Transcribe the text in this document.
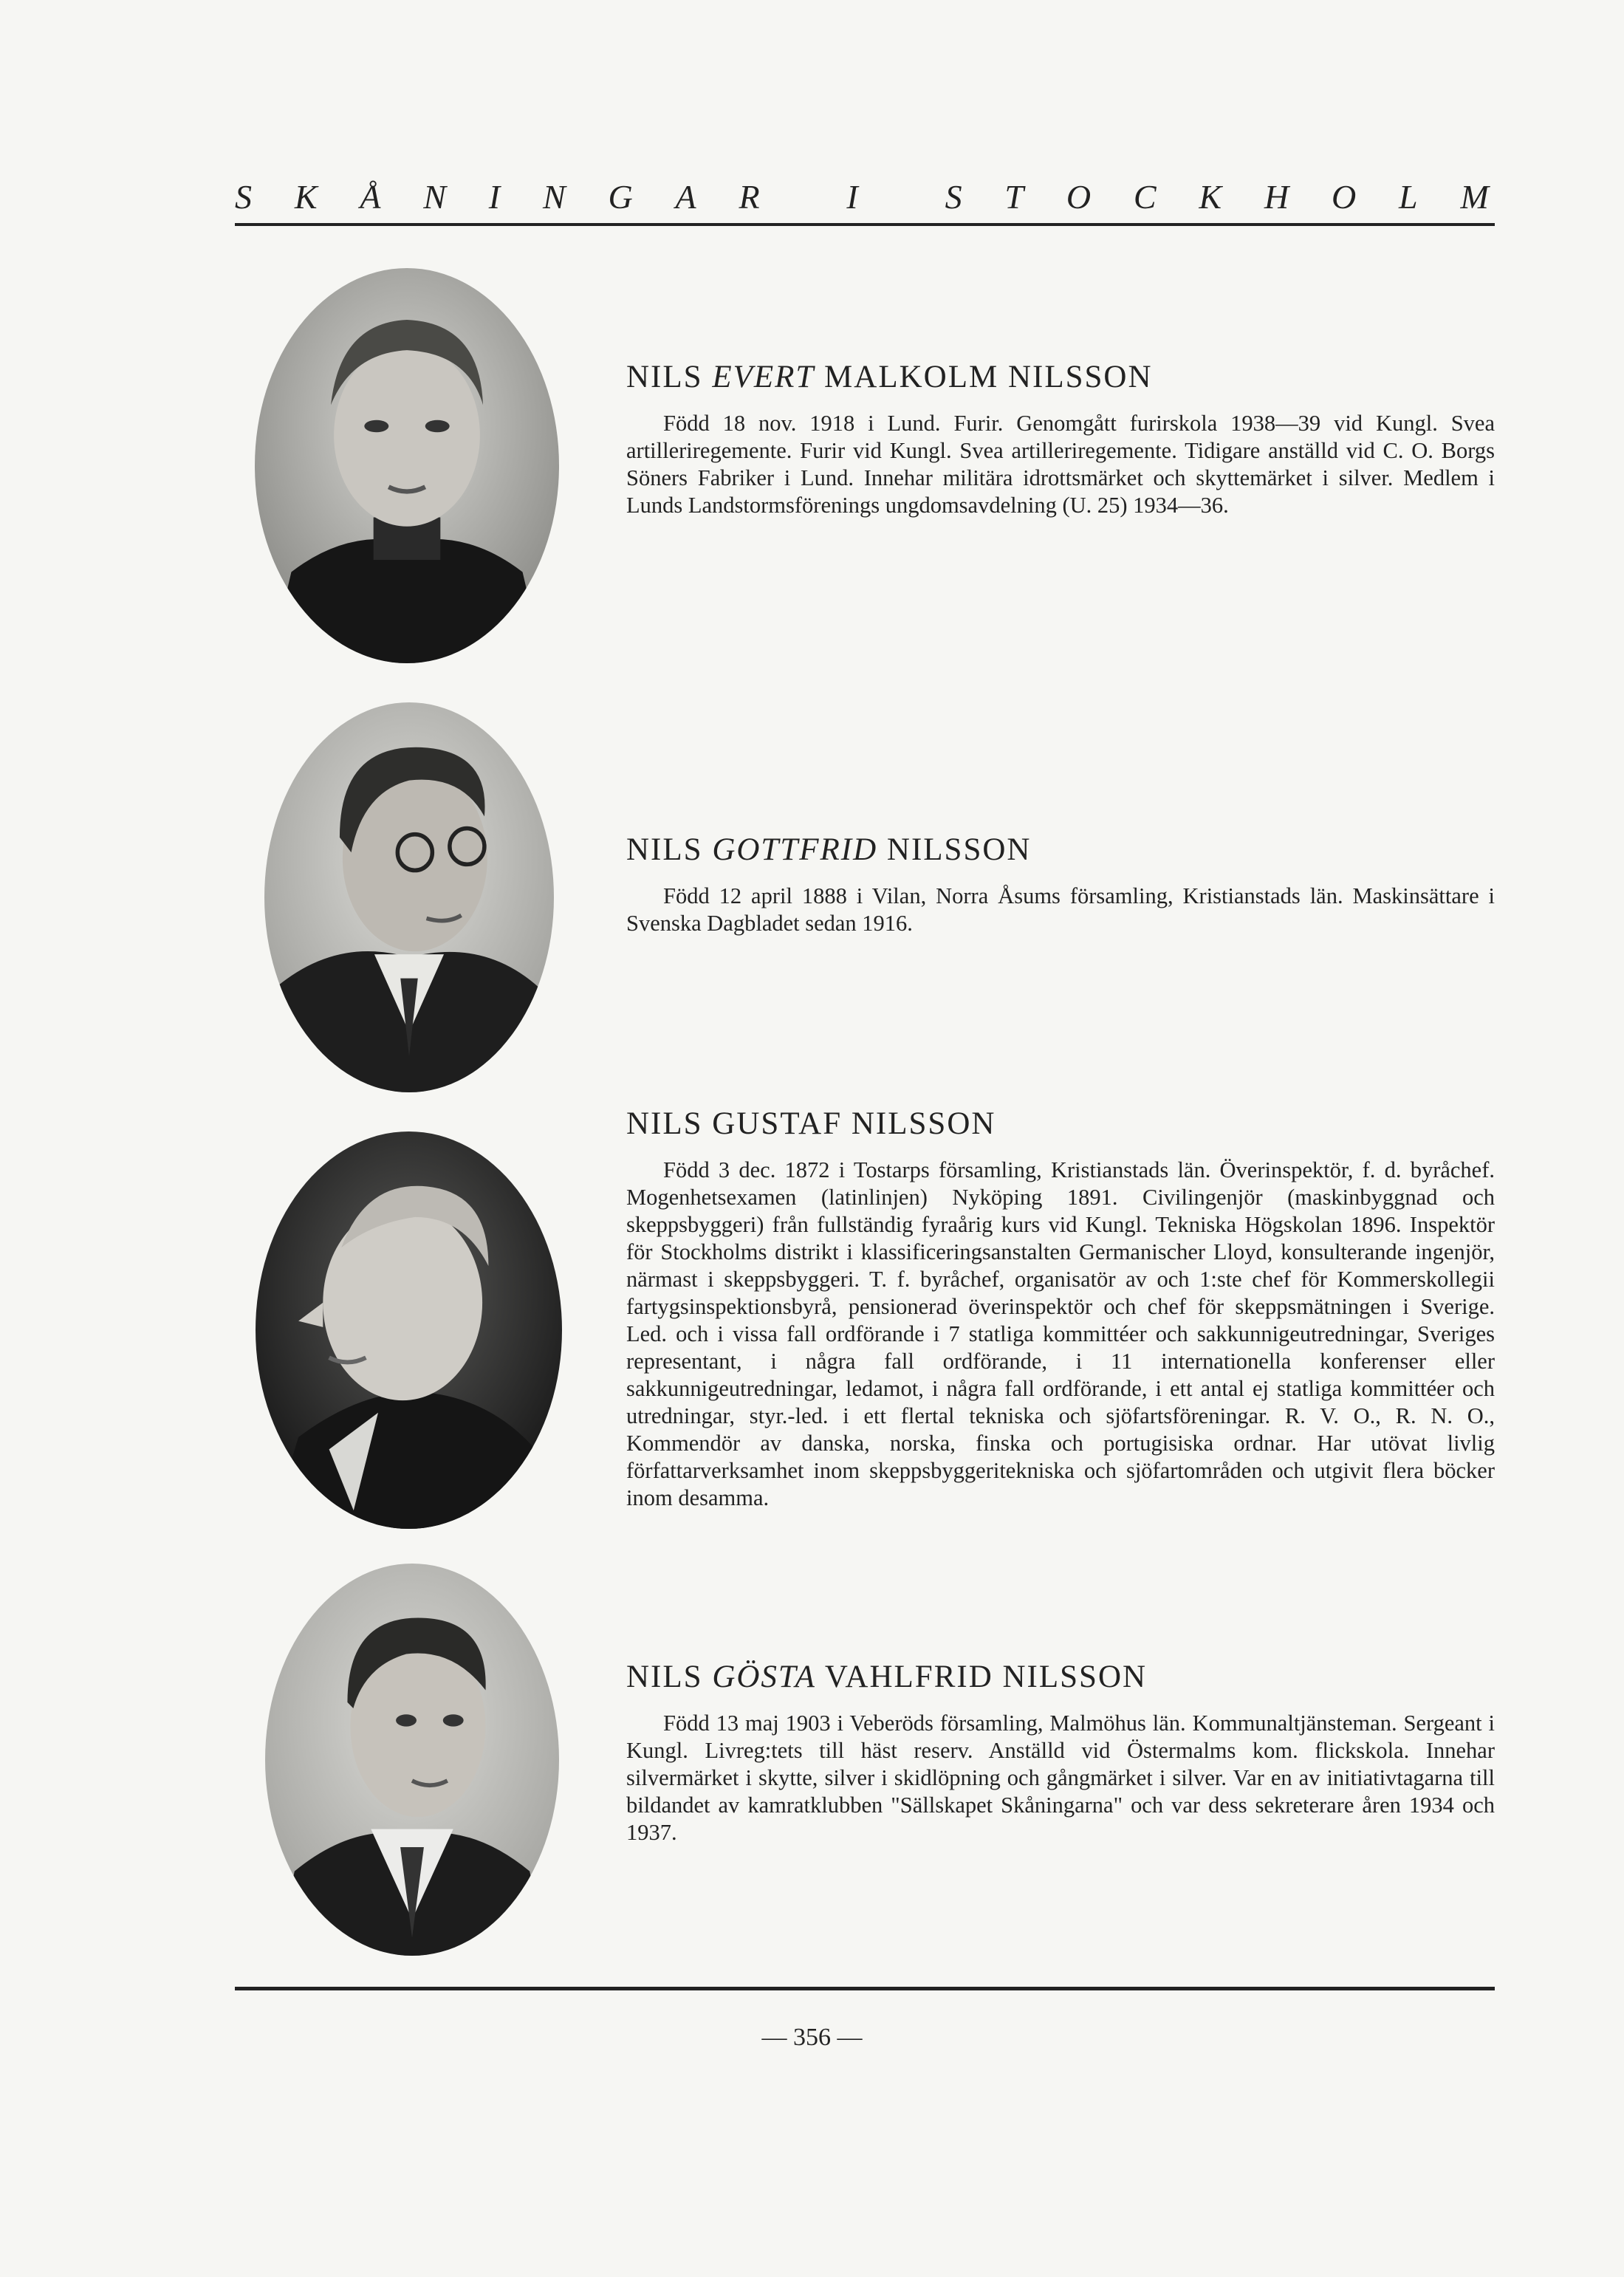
S K Å N I N G A R	I	S T O C K H O L M
NILS EVERT MALKOLM NILSSON

Född 18 nov. 1918 i Lund. Furir. Genomgått furirskola 1938—39 vid Kungl. Svea artilleriregemente. Furir vid Kungl. Svea artilleriregemente. Tidigare anställd vid C. O. Borgs Söners Fabriker i Lund. Innehar militära idrottsmärket och skyttemärket i silver. Medlem i Lunds Landstormsförenings ungdomsavdelning (U. 25) 1934—36.

NILS GOTTFRID NILSSON

Född 12 april 1888 i Vilan, Norra Åsums församling, Kristianstads län. Maskinsättare i Svenska Dagbladet sedan 1916.

NILS GUSTAF NILSSON

Född 3 dec. 1872 i Tostarps församling, Kristianstads län. Överinspektör, f. d. byråchef. Mogenhetsexamen (latinlinjen) Nyköping 1891. Civilingenjör (maskinbyggnad och skeppsbyggeri) från fullständig fyraårig kurs vid Kungl. Tekniska Högskolan 1896. Inspektör för Stockholms distrikt i klassificeringsanstalten Germanischer Lloyd, konsulterande ingenjör, närmast i skeppsbyggeri. T. f. byråchef, organisatör av och 1:ste chef för Kommerskollegii fartygsinspektionsbyrå, pensionerad överinspektör och chef för skeppsmätningen i Sverige. Led. och i vissa fall ordförande i 7 statliga kommittéer och sakkunnigeutredningar, Sveriges representant, i några fall ordförande, i 11 internationella konferenser eller sakkunnigeutredningar, ledamot, i några fall ordförande, i ett antal ej statliga kommittéer och utredningar, styr.-led. i ett flertal tekniska och sjöfartsföreningar. R. V. O., R. N. O., Kommendör av danska, norska, finska och portugisiska ordnar. Har utövat livlig författarverksamhet inom skeppsbyggeritekniska och sjöfartområden och utgivit flera böcker inom desamma.

NILS GÖSTA VAHLFRID NILSSON

Född 13 maj 1903 i Veberöds församling, Malmöhus län. Kommunaltjänsteman. Sergeant i Kungl. Livreg:tets till häst reserv. Anställd vid Östermalms kom. flickskola. Innehar silvermärket i skytte, silver i skidlöpning och gångmärket i silver. Var en av initiativtagarna till bildandet av kamratklubben "Sällskapet Skåningarna" och var dess sekreterare åren 1934 och 1937.

— 356 —
